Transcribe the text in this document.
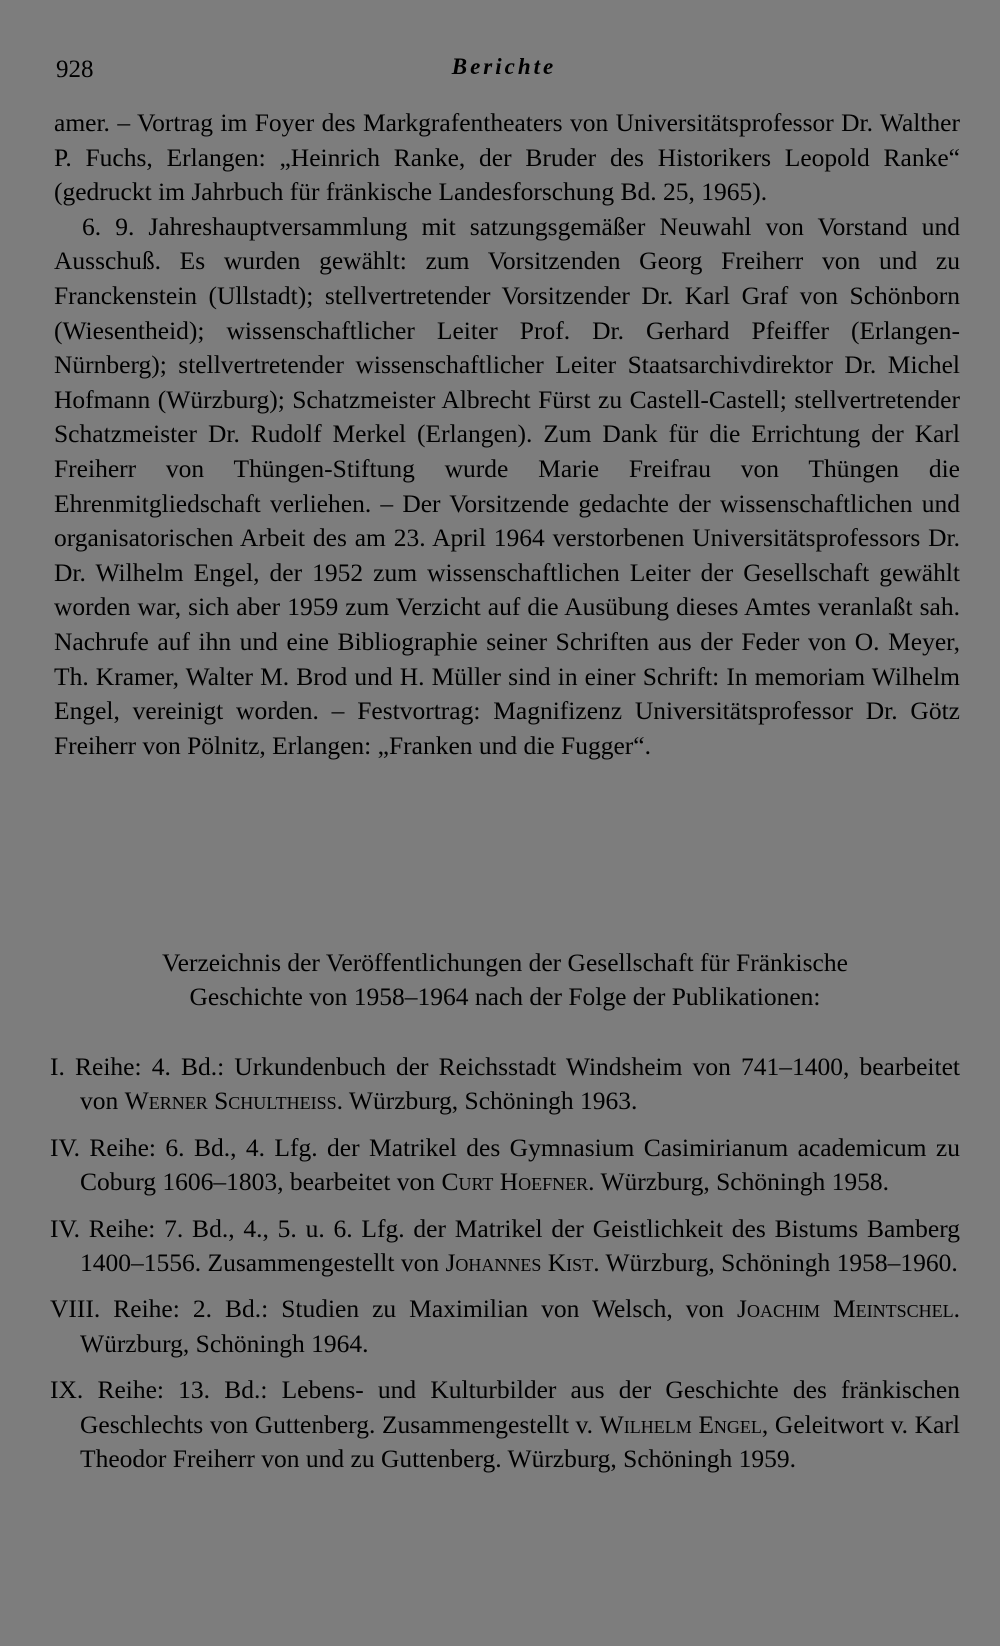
928	Berichte

amer. – Vortrag im Foyer des Markgrafentheaters von Universitätsprofessor Dr. Walther P. Fuchs, Erlangen: „Heinrich Ranke, der Bruder des Historikers Leopold Ranke“ (gedruckt im Jahrbuch für fränkische Landesforschung Bd. 25, 1965).

6. 9. Jahreshauptversammlung mit satzungsgemäßer Neuwahl von Vorstand und Ausschuß. Es wurden gewählt: zum Vorsitzenden Georg Freiherr von und zu Franckenstein (Ullstadt); stellvertretender Vorsitzender Dr. Karl Graf von Schönborn (Wiesentheid); wissenschaftlicher Leiter Prof. Dr. Gerhard Pfeiffer (Erlangen-Nürnberg); stellvertretender wissenschaftlicher Leiter Staatsarchivdirektor Dr. Michel Hofmann (Würzburg); Schatzmeister Albrecht Fürst zu Castell-Castell; stellvertretender Schatzmeister Dr. Rudolf Merkel (Erlangen). Zum Dank für die Errichtung der Karl Freiherr von Thüngen-Stiftung wurde Marie Freifrau von Thüngen die Ehrenmitgliedschaft verliehen. – Der Vorsitzende gedachte der wissenschaftlichen und organisatorischen Arbeit des am 23. April 1964 verstorbenen Universitätsprofessors Dr. Dr. Wilhelm Engel, der 1952 zum wissenschaftlichen Leiter der Gesellschaft gewählt worden war, sich aber 1959 zum Verzicht auf die Ausübung dieses Amtes veranlaßt sah. Nachrufe auf ihn und eine Bibliographie seiner Schriften aus der Feder von O. Meyer, Th. Kramer, Walter M. Brod und H. Müller sind in einer Schrift: In memoriam Wilhelm Engel, vereinigt worden. – Festvortrag: Magnifizenz Universitätsprofessor Dr. Götz Freiherr von Pölnitz, Erlangen: „Franken und die Fugger“.

Verzeichnis der Veröffentlichungen der Gesellschaft für Fränkische
Geschichte von 1958–1964 nach der Folge der Publikationen:

I. Reihe: 4. Bd.: Urkundenbuch der Reichsstadt Windsheim von 741–1400, bearbeitet von Werner Schultheiss. Würzburg, Schöningh 1963.

IV. Reihe: 6. Bd., 4. Lfg. der Matrikel des Gymnasium Casimirianum academicum zu Coburg 1606–1803, bearbeitet von Curt Hoefner. Würzburg, Schöningh 1958.

IV. Reihe: 7. Bd., 4., 5. u. 6. Lfg. der Matrikel der Geistlichkeit des Bistums Bamberg 1400–1556. Zusammengestellt von Johannes Kist. Würzburg, Schöningh 1958–1960.

VIII. Reihe: 2. Bd.: Studien zu Maximilian von Welsch, von Joachim Meintschel. Würzburg, Schöningh 1964.

IX. Reihe: 13. Bd.: Lebens- und Kulturbilder aus der Geschichte des fränkischen Geschlechts von Guttenberg. Zusammengestellt v. Wilhelm Engel, Geleitwort v. Karl Theodor Freiherr von und zu Guttenberg. Würzburg, Schöningh 1959.
